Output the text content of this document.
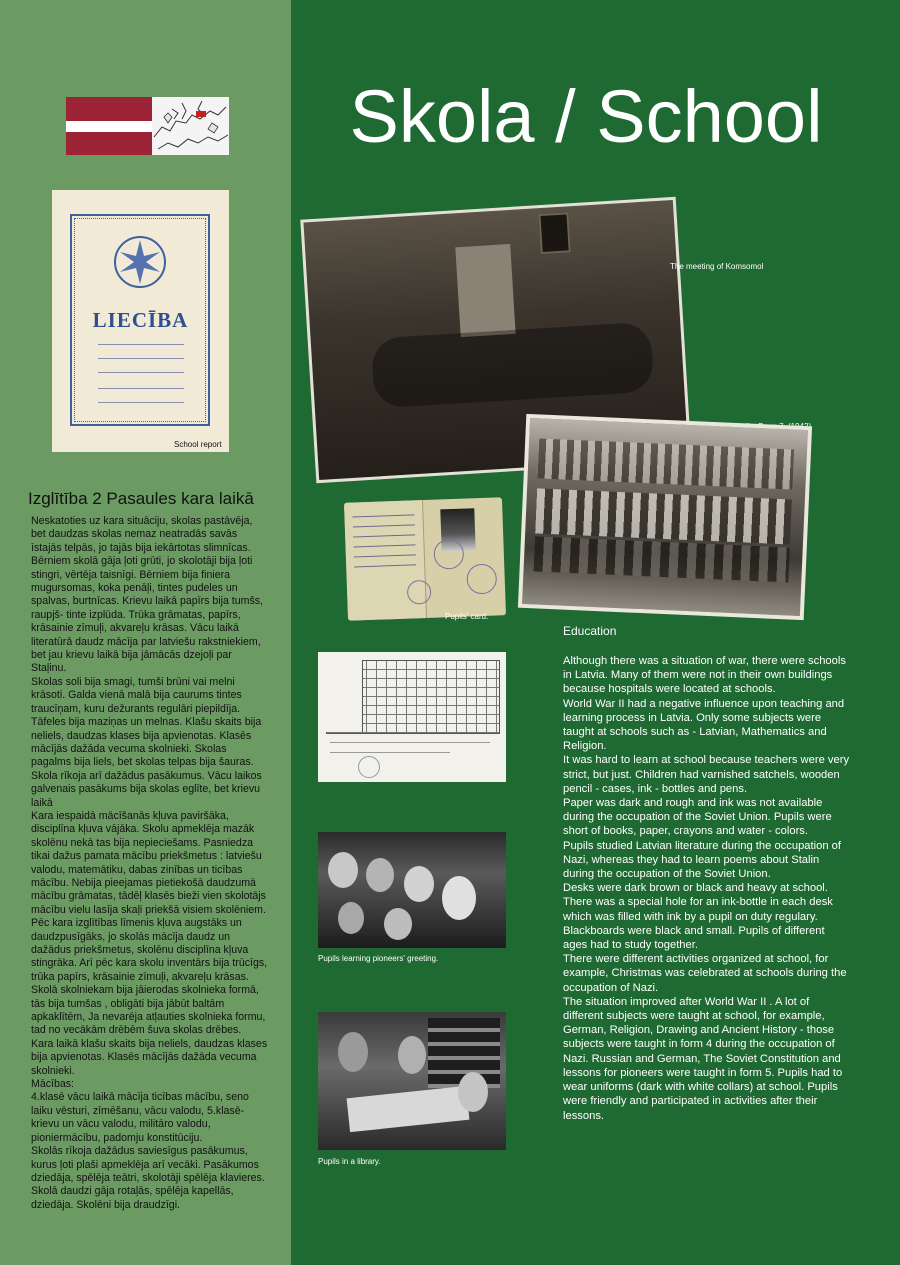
Skola / School
LIECĪBA
School report
The meeting of Komsomol
Pupils' card.
Pupils learning pioneers' greeting.
Pupils in a library.
Izglītība 2 Pasaules kara laikā

Neskatoties uz kara situāciju, skolas pastāvēja, bet daudzas skolas nemaz neatradās savās īstajās telpās, jo tajās bija iekārtotas slimnīcas. Bērniem skolā gāja ļoti grūti, jo skolotāji bija ļoti stingri, vērtēja taisnīgi. Bērniem bija finiera mugursomas, koka penāļi, tintes pudeles un spalvas, burtnīcas. Krievu laikā papīrs bija tumšs, raupjš- tinte izplūda. Trūka grāmatas, papīrs, krāsainie zīmuļi, akvareļu krāsas. Vācu laikā literatūrā daudz mācīja par latviešu rakstniekiem, bet jau krievu laikā bija jāmācās dzejoļi par Staļinu.

Skolas soli bija smagi, tumši brūni vai melni krāsoti. Galda vienā malā bija caurums tintes traucīņam, kuru dežurants regulāri piepildīja. Tāfeles bija maziņas un melnas. Klašu skaits bija neliels, daudzas klases bija apvienotas. Klasēs mācījās dažāda vecuma skolnieki. Skolas pagalms bija liels, bet skolas telpas bija šauras.

Skola rīkoja arī dažādus pasākumus. Vācu laikos galvenais pasākums bija skolas eglīte, bet krievu laikā

Kara iespaidā mācīšanās kļuva paviršāka, disciplīna kļuva vājāka. Skolu apmeklēja mazāk skolēnu nekā tas bija nepieciešams. Pasniedza tikai dažus pamata mācību priekšmetus : latviešu valodu, matemātiku, dabas zinības un ticības mācību. Nebija pieejamas pietiekošā daudzumā mācību grāmatas, tādēļ klasēs bieži vien skolotājs mācību vielu lasīja skaļi priekšā visiem skolēniem. Pēc kara izglītības līmenis kļuva augstāks un daudzpusīgāks, jo skolās mācīja daudz un dažādus priekšmetus, skolēnu disciplīna kļuva stingrāka. Arī pēc kara skolu inventārs bija trūcīgs, trūka papīrs, krāsainie zīmuļi, akvareļu krāsas.

Skolā skolniekam bija jāierodas skolnieka formā, tās bija tumšas , obligāti bija jābūt baltām apkaklītēm, Ja nevarēja atļauties skolnieka formu, tad no vecākām drēbēm šuva skolas drēbes.

Kara laikā klašu skaits bija neliels, daudzas klases bija apvienotas. Klasēs mācījās dažāda vecuma skolnieki.

Mācības:

4.klasē vācu laikā mācīja ticības mācību, seno laiku vēsturi, zīmēšanu, vācu valodu, 5.klasē- krievu un vācu valodu, militāro valodu, pioniermācību, padomju konstitūciju.

Skolās rīkoja dažādus saviesīgus pasākumus, kurus ļoti plaši apmeklēja arī vecāki. Pasākumos dziedāja, spēlēja teātri, skolotāji spēlēja klavieres. Skolā daudzi gāja rotaļās, spēlēja kapellās, dziedāja. Skolēni bija draudzīgi.

Education

Although there was a situation of war, there were schools in Latvia. Many of them were not in their own buildings because hospitals were located at schools.

World War II had a negative influence upon teaching and learning process in Latvia. Only some subjects were taught at schools such as - Latvian, Mathematics and Religion.

It was hard to learn at school because teachers were very strict, but just. Children had varnished satchels, wooden pencil - cases, ink - bottles and pens.

Paper was dark and rough and ink was not available during the occupation of the Soviet Union. Pupils were short of books, paper, crayons and water - colors.

Pupils studied Latvian literature during the occupation of Nazi, whereas they had to learn poems about Stalin during the occupation of the Soviet Union.

Desks were dark brown or black and heavy at school. There was a special hole for an ink-bottle in each desk which was filled with ink by a pupil on duty regulary. Blackboards were black and small. Pupils of different ages had to study together.

There were different activities organized at school, for example, Christmas was celebrated at schools during the occupation of Nazi.

The situation improved after World War II . A lot of different subjects were taught at school, for example, German, Religion, Drawing and Ancient History - those subjects were taught in form 4 during the occupation of Nazi. Russian and German, The Soviet Constitution and lessons for pioneers were taught in form 5. Pupils had to wear uniforms (dark with white collars) at school. Pupils were friendly and participated in activities after their lessons.
